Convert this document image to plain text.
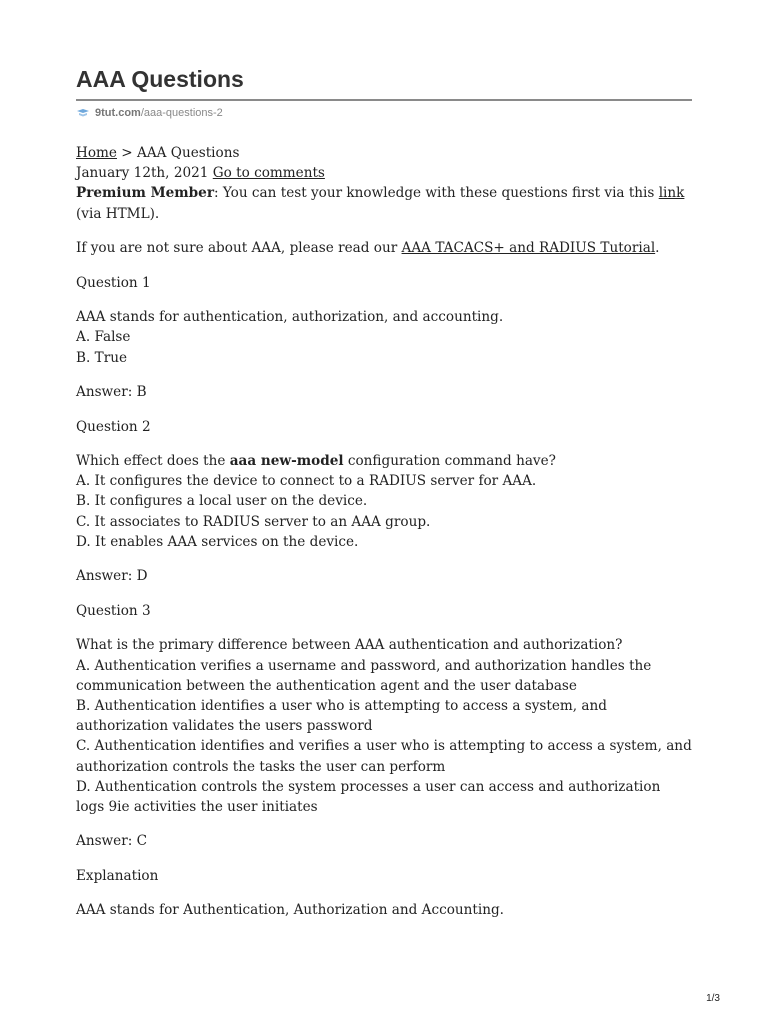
AAA Questions
9tut.com /aaa-questions-2

Home > AAA Questions
January 12th, 2021 Go to comments
Premium Member: You can test your knowledge with these questions first via this link
(via HTML).

If you are not sure about AAA, please read our AAA TACACS+ and RADIUS Tutorial.

Question 1

AAA stands for authentication, authorization, and accounting.
A. False
B. True

Answer: B

Question 2

Which effect does the aaa new-model configuration command have?
A. It configures the device to connect to a RADIUS server for AAA.
B. It configures a local user on the device.
C. It associates to RADIUS server to an AAA group.
D. It enables AAA services on the device.

Answer: D

Question 3

What is the primary difference between AAA authentication and authorization?
A. Authentication verifies a username and password, and authorization handles the communication between the authentication agent and the user database
B. Authentication identifies a user who is attempting to access a system, and authorization validates the users password
C. Authentication identifies and verifies a user who is attempting to access a system, and authorization controls the tasks the user can perform
D. Authentication controls the system processes a user can access and authorization logs 9ie activities the user initiates

Answer: C

Explanation

AAA stands for Authentication, Authorization and Accounting.

1/3
